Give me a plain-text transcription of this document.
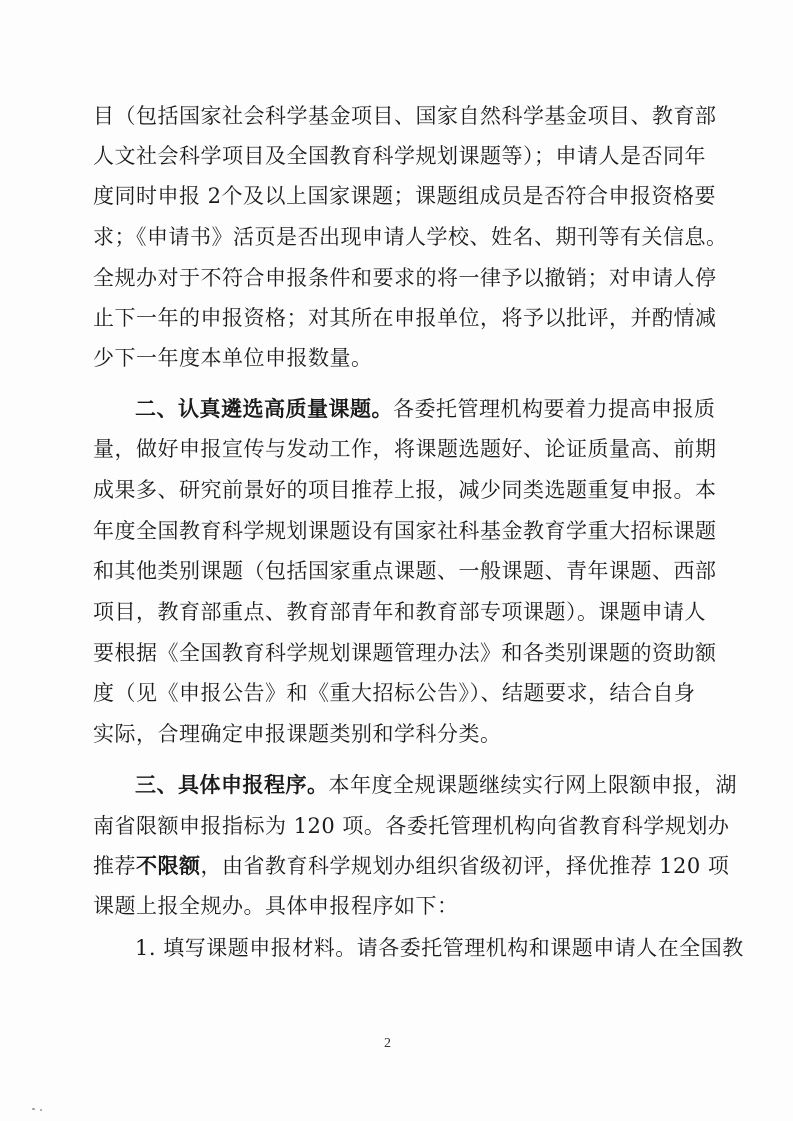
目（包括国家社会科学基金项目、国家自然科学基金项目、教育部
人文社会科学项目及全国教育科学规划课题等）；申请人是否同年
度同时申报 2个及以上国家课题；课题组成员是否符合申报资格要
求；《申请书》活页是否出现申请人学校、姓名、期刊等有关信息。
全规办对于不符合申报条件和要求的将一律予以撤销；对申请人停
止下一年的申报资格；对其所在申报单位，将予以批评，并酌情减
少下一年度本单位申报数量。
二、认真遴选高质量课题。各委托管理机构要着力提高申报质
量，做好申报宣传与发动工作，将课题选题好、论证质量高、前期
成果多、研究前景好的项目推荐上报，减少同类选题重复申报。本
年度全国教育科学规划课题设有国家社科基金教育学重大招标课题
和其他类别课题（包括国家重点课题、一般课题、青年课题、西部
项目，教育部重点、教育部青年和教育部专项课题）。课题申请人
要根据《全国教育科学规划课题管理办法》和各类别课题的资助额
度（见《申报公告》和《重大招标公告》）、结题要求，结合自身
实际，合理确定申报课题类别和学科分类。
三、具体申报程序。本年度全规课题继续实行网上限额申报，湖
南省限额申报指标为 120 项。各委托管理机构向省教育科学规划办
推荐不限额，由省教育科学规划办组织省级初评，择优推荐 120 项
课题上报全规办。具体申报程序如下：
1. 填写课题申报材料。请各委托管理机构和课题申请人在全国教
2
